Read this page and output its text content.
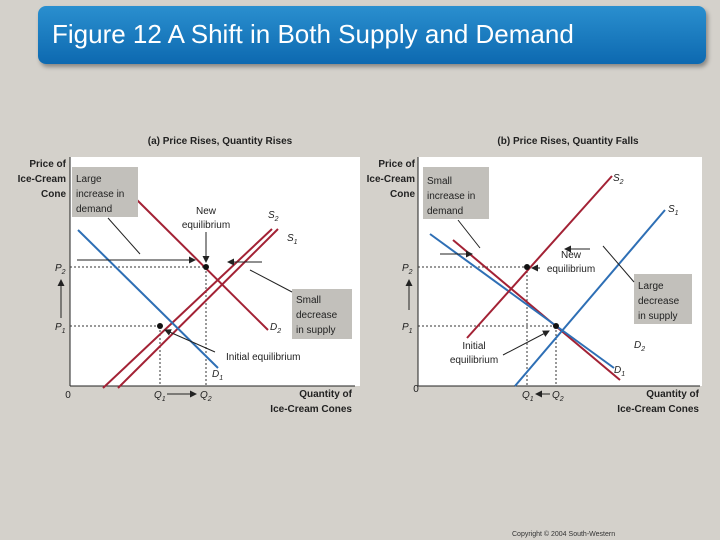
Figure 12 A Shift in Both Supply and Demand
(a) Price Rises, Quantity Rises
Price of
Ice-Cream
Cone
0	Quantity of
Ice-Cream Cones
$P_2$
$P_1$
$Q_1$	$Q_2$
$S_2$
$S_1$
$D_2$
$D_1$
Large
increase in
demand
Small
decrease
in supply
New
equilibrium
Initial equilibrium
(b) Price Rises, Quantity Falls
Price of
Ice-Cream
Cone
0	Quantity of
Ice-Cream Cones
$P_2$
$P_1$
$Q_1$ $Q_2$
$S_2$
$S_1$
$D_2$
$D_1$
Small
increase in
demand
Large
decrease
in supply
New
equilibrium
Initial
equilibrium
Copyright © 2004 South-Western
